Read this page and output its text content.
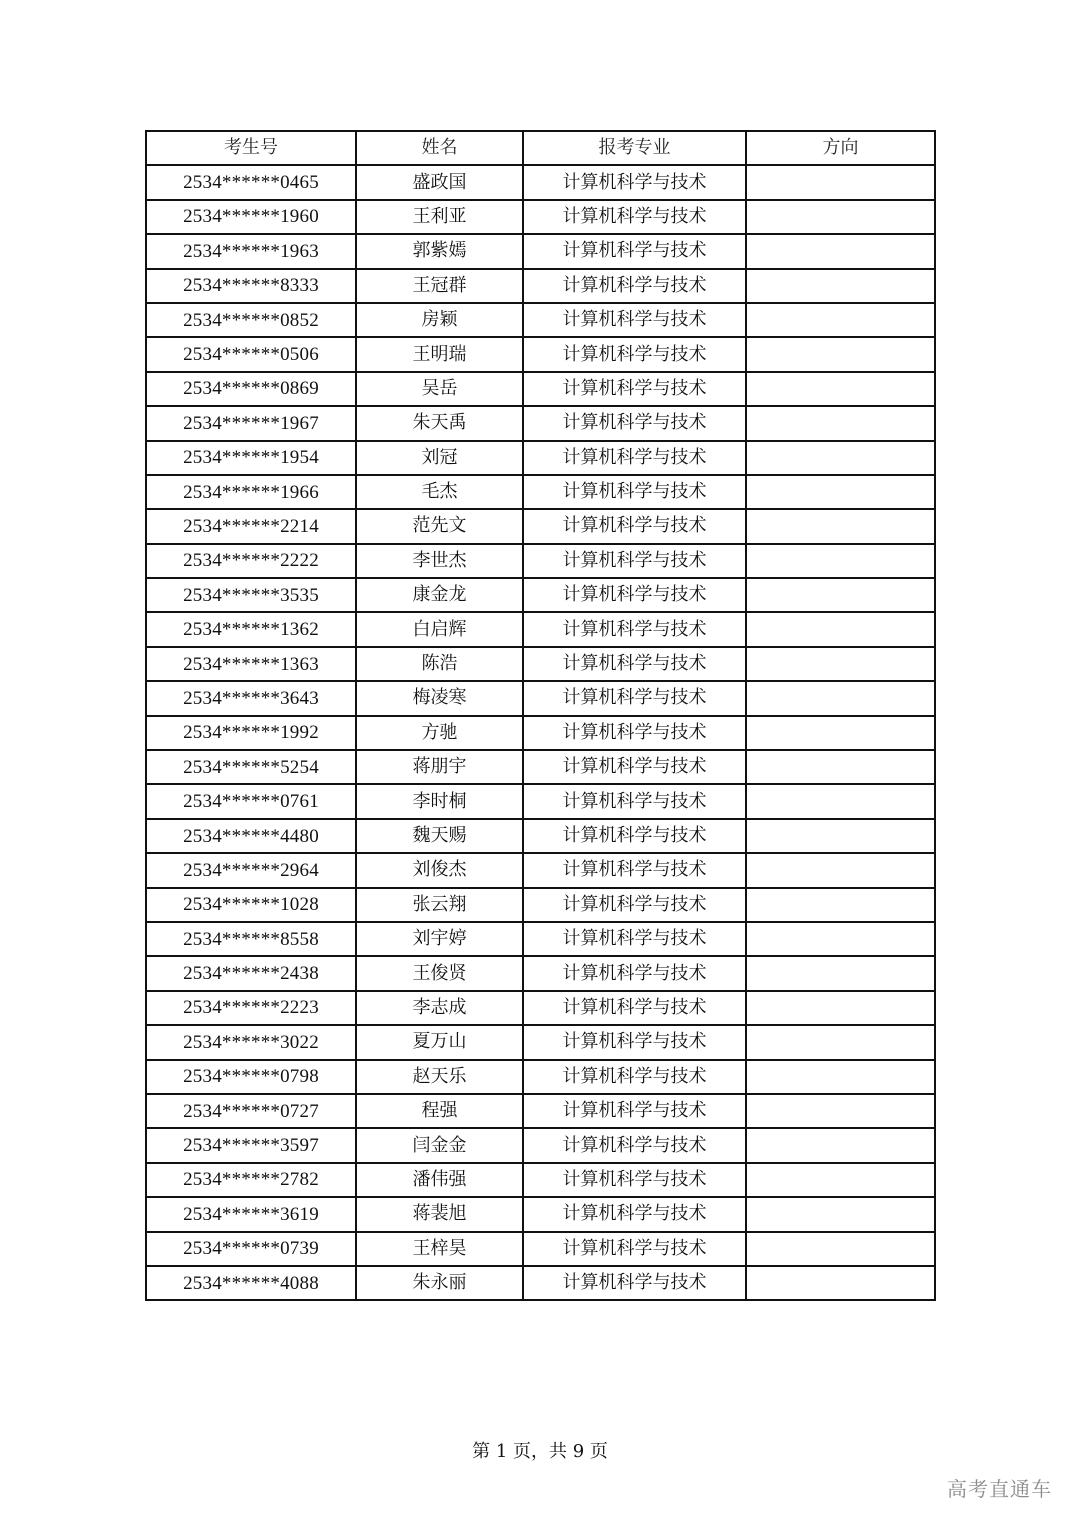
考生号	姓名	报考专业	方向
2534******0465	盛政国	计算机科学与技术	
2534******1960	王利亚	计算机科学与技术	
2534******1963	郭紫嫣	计算机科学与技术	
2534******8333	王冠群	计算机科学与技术	
2534******0852	房颖	计算机科学与技术	
2534******0506	王明瑞	计算机科学与技术	
2534******0869	吴岳	计算机科学与技术	
2534******1967	朱天禹	计算机科学与技术	
2534******1954	刘冠	计算机科学与技术	
2534******1966	毛杰	计算机科学与技术	
2534******2214	范先文	计算机科学与技术	
2534******2222	李世杰	计算机科学与技术	
2534******3535	康金龙	计算机科学与技术	
2534******1362	白启辉	计算机科学与技术	
2534******1363	陈浩	计算机科学与技术	
2534******3643	梅凌寒	计算机科学与技术	
2534******1992	方驰	计算机科学与技术	
2534******5254	蒋朋宇	计算机科学与技术	
2534******0761	李时桐	计算机科学与技术	
2534******4480	魏天赐	计算机科学与技术	
2534******2964	刘俊杰	计算机科学与技术	
2534******1028	张云翔	计算机科学与技术	
2534******8558	刘宇婷	计算机科学与技术	
2534******2438	王俊贤	计算机科学与技术	
2534******2223	李志成	计算机科学与技术	
2534******3022	夏万山	计算机科学与技术	
2534******0798	赵天乐	计算机科学与技术	
2534******0727	程强	计算机科学与技术	
2534******3597	闫金金	计算机科学与技术	
2534******2782	潘伟强	计算机科学与技术	
2534******3619	蒋裴旭	计算机科学与技术	
2534******0739	王梓昊	计算机科学与技术	
2534******4088	朱永丽	计算机科学与技术	
第 1 页，共 9 页
高考直通车
